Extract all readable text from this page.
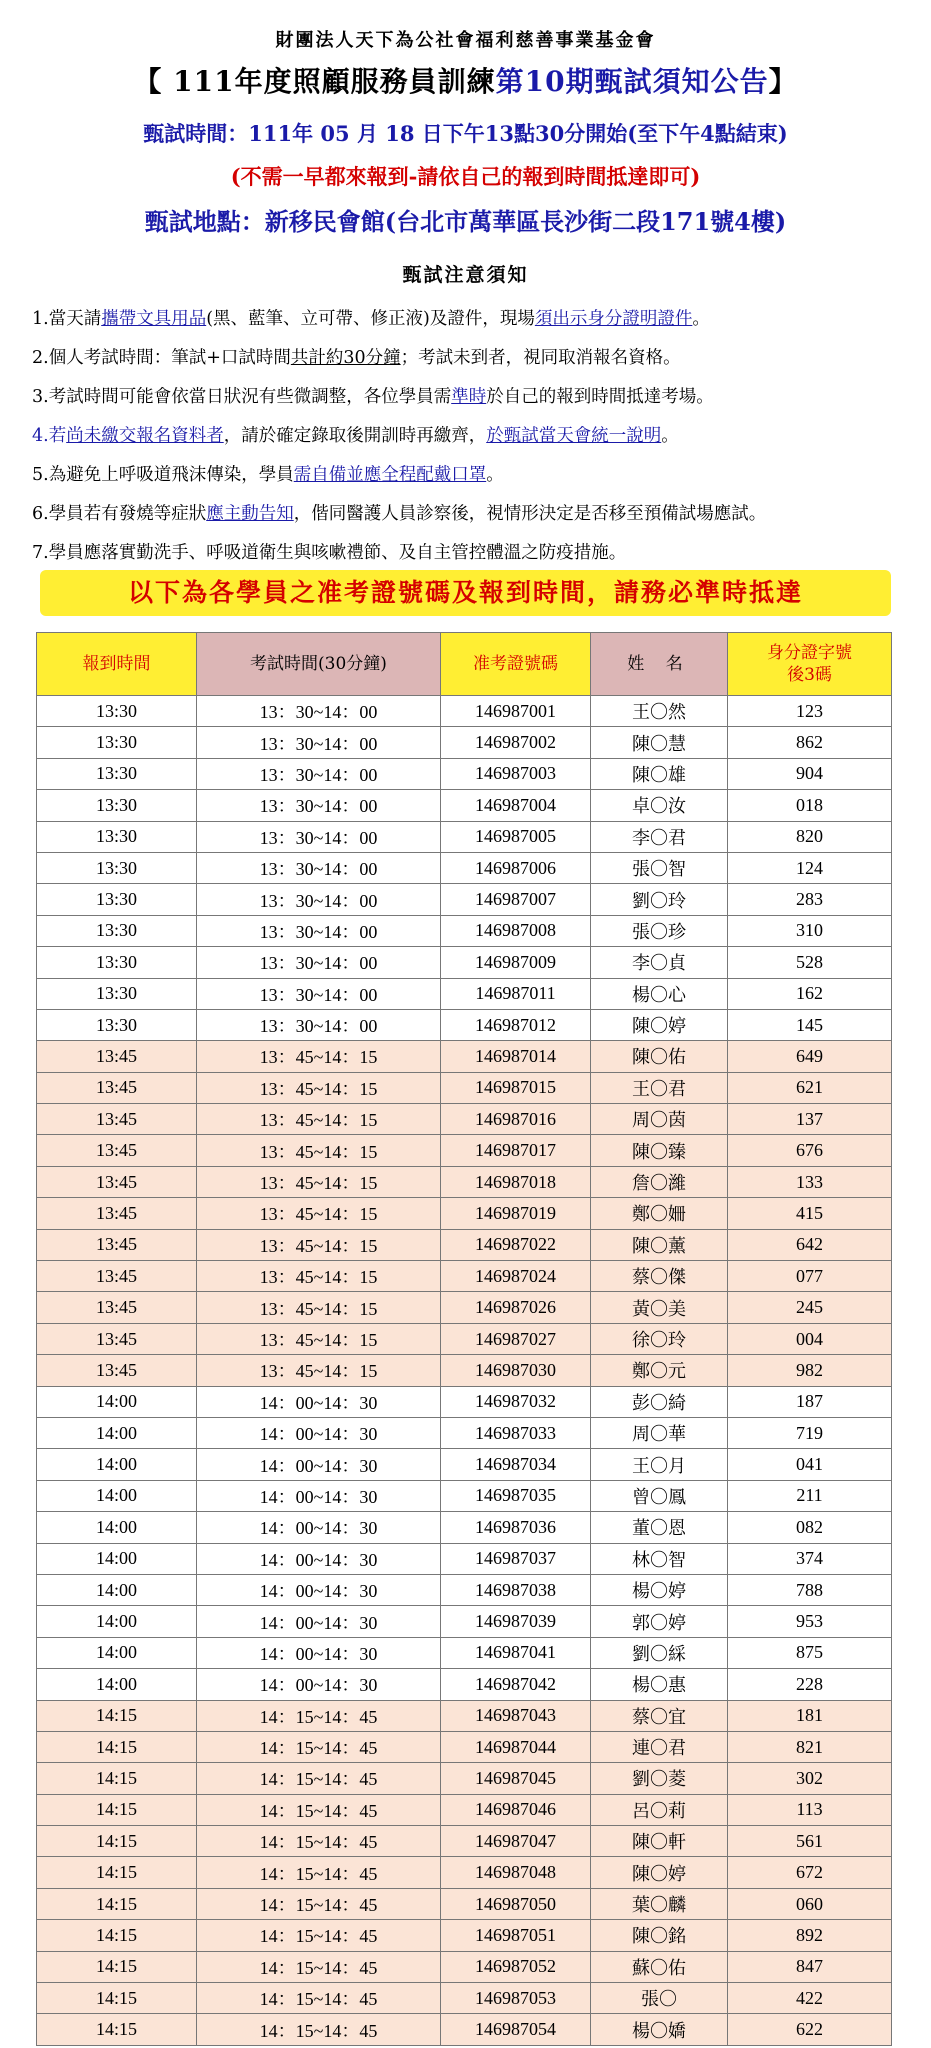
財團法人天下為公社會福利慈善事業基金會
【 111年度照顧服務員訓練第10期甄試須知公告】
甄試時間：111年 05 月 18 日下午13點30分開始(至下午4點結束)
(不需一早都來報到-請依自己的報到時間抵達即可)
甄試地點：新移民會館(台北市萬華區長沙街二段171號4樓)
甄試注意須知
1.當天請攜帶文具用品(黑、藍筆、立可帶、修正液)及證件，現場須出示身分證明證件。
2.個人考試時間：筆試+口試時間共計約30分鐘；考試未到者，視同取消報名資格。
3.考試時間可能會依當日狀況有些微調整，各位學員需準時於自己的報到時間抵達考場。
4.若尚未繳交報名資料者，請於確定錄取後開訓時再繳齊，於甄試當天會統一說明。
5.為避免上呼吸道飛沫傳染，學員需自備並應全程配戴口罩。
6.學員若有發燒等症狀應主動告知，偕同醫護人員診察後，視情形決定是否移至預備試場應試。
7.學員應落實勤洗手、呼吸道衛生與咳嗽禮節、及自主管控體溫之防疫措施。
以下為各學員之准考證號碼及報到時間，請務必準時抵達
報到時間	考試時間(30分鐘)	准考證號碼	姓 名	身分證字號
後3碼
13:30	13：30~14：00	146987001	王〇然	123
13:30	13：30~14：00	146987002	陳〇慧	862
13:30	13：30~14：00	146987003	陳〇雄	904
13:30	13：30~14：00	146987004	卓〇汝	018
13:30	13：30~14：00	146987005	李〇君	820
13:30	13：30~14：00	146987006	張〇智	124
13:30	13：30~14：00	146987007	劉〇玲	283
13:30	13：30~14：00	146987008	張〇珍	310
13:30	13：30~14：00	146987009	李〇貞	528
13:30	13：30~14：00	146987011	楊〇心	162
13:30	13：30~14：00	146987012	陳〇婷	145
13:45	13：45~14：15	146987014	陳〇佑	649
13:45	13：45~14：15	146987015	王〇君	621
13:45	13：45~14：15	146987016	周〇茵	137
13:45	13：45~14：15	146987017	陳〇臻	676
13:45	13：45~14：15	146987018	詹〇濰	133
13:45	13：45~14：15	146987019	鄭〇姍	415
13:45	13：45~14：15	146987022	陳〇薰	642
13:45	13：45~14：15	146987024	蔡〇傑	077
13:45	13：45~14：15	146987026	黃〇美	245
13:45	13：45~14：15	146987027	徐〇玲	004
13:45	13：45~14：15	146987030	鄭〇元	982
14:00	14：00~14：30	146987032	彭〇綺	187
14:00	14：00~14：30	146987033	周〇華	719
14:00	14：00~14：30	146987034	王〇月	041
14:00	14：00~14：30	146987035	曾〇鳳	211
14:00	14：00~14：30	146987036	董〇恩	082
14:00	14：00~14：30	146987037	林〇智	374
14:00	14：00~14：30	146987038	楊〇婷	788
14:00	14：00~14：30	146987039	郭〇婷	953
14:00	14：00~14：30	146987041	劉〇綵	875
14:00	14：00~14：30	146987042	楊〇惠	228
14:15	14：15~14：45	146987043	蔡〇宜	181
14:15	14：15~14：45	146987044	連〇君	821
14:15	14：15~14：45	146987045	劉〇菱	302
14:15	14：15~14：45	146987046	呂〇莉	113
14:15	14：15~14：45	146987047	陳〇軒	561
14:15	14：15~14：45	146987048	陳〇婷	672
14:15	14：15~14：45	146987050	葉〇麟	060
14:15	14：15~14：45	146987051	陳〇銘	892
14:15	14：15~14：45	146987052	蘇〇佑	847
14:15	14：15~14：45	146987053	張〇	422
14:15	14：15~14：45	146987054	楊〇嬌	622
